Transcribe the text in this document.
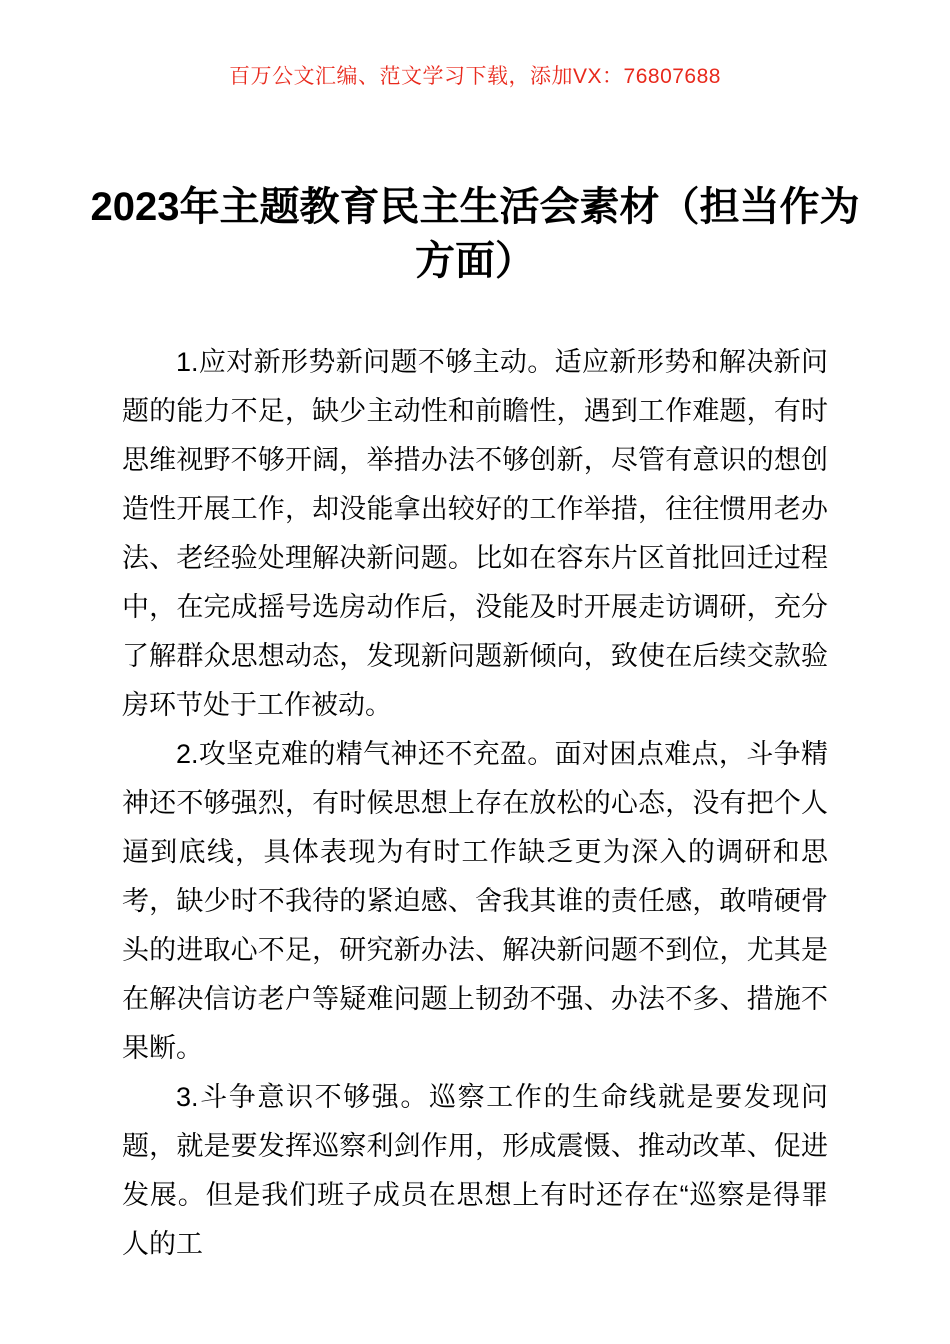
百万公文汇编、范文学习下载，添加VX：76807688
2023年主题教育民主生活会素材（担当作为
方面）

1.应对新形势新问题不够主动。适应新形势和解决新问题的能力不足，缺少主动性和前瞻性，遇到工作难题，有时思维视野不够开阔，举措办法不够创新，尽管有意识的想创造性开展工作，却没能拿出较好的工作举措，往往惯用老办法、老经验处理解决新问题。比如在容东片区首批回迁过程中，在完成摇号选房动作后，没能及时开展走访调研，充分了解群众思想动态，发现新问题新倾向，致使在后续交款验房环节处于工作被动。

2.攻坚克难的精气神还不充盈。面对困点难点，斗争精神还不够强烈，有时候思想上存在放松的心态，没有把个人逼到底线，具体表现为有时工作缺乏更为深入的调研和思考，缺少时不我待的紧迫感、舍我其谁的责任感，敢啃硬骨头的进取心不足，研究新办法、解决新问题不到位，尤其是在解决信访老户等疑难问题上韧劲不强、办法不多、措施不果断。

3.斗争意识不够强。巡察工作的生命线就是要发现问题，就是要发挥巡察利剑作用，形成震慑、推动改革、促进发展。但是我们班子成员在思想上有时还存在“巡察是得罪人的工
